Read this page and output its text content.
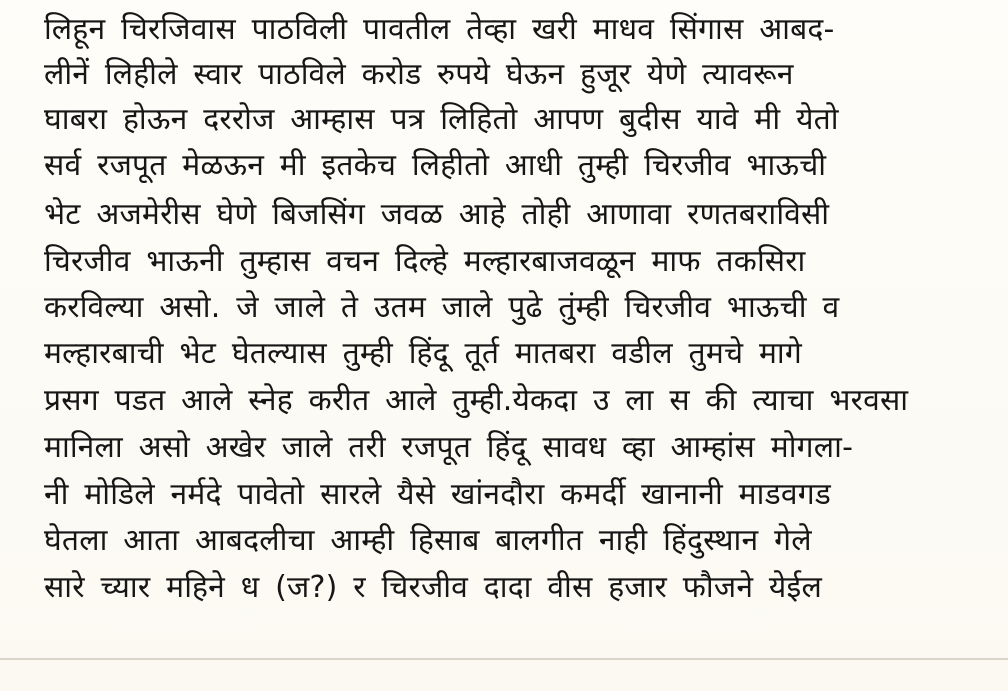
लिहून चिरजिवास पाठविली पावतील तेव्हा खरी माधव सिंगास आबद-
लीनें लिहीले स्वार पाठविले करोड रुपये घेऊन हुजूर येणे त्यावरून
घाबरा होऊन दररोज आम्हास पत्र लिहितो आपण बुदीस यावे मी येतो
सर्व रजपूत मेळऊन मी इतकेच लिहीतो आधी तुम्ही चिरजीव भाऊची
भेट अजमेरीस घेणे बिजसिंग जवळ आहे तोही आणावा रणतबराविसी
चिरजीव भाऊनी तुम्हास वचन दिल्हे मल्हारबाजवळून माफ तकसिरा
करविल्या असो. जे जाले ते उतम जाले पुढे तुंम्ही चिरजीव भाऊची व
मल्हारबाची भेट घेतल्यास तुम्ही हिंदू तूर्त मातबरा वडील तुमचे मागे
प्रसग पडत आले स्नेह करीत आले तुम्ही.येकदा उ ला स की त्याचा भरवसा
मानिला असो अखेर जाले तरी रजपूत हिंदू सावध व्हा आम्हांस मोगला-
नी मोडिले नर्मदे पावेतो सारले यैसे खांनदौरा कमर्दी खानानी माडवगड
घेतला आता आबदलीचा आम्ही हिसाब बालगीत नाही हिंदुस्थान गेले
सारे च्यार महिने ध (ज?) र चिरजीव दादा वीस हजार फौजने येईल
